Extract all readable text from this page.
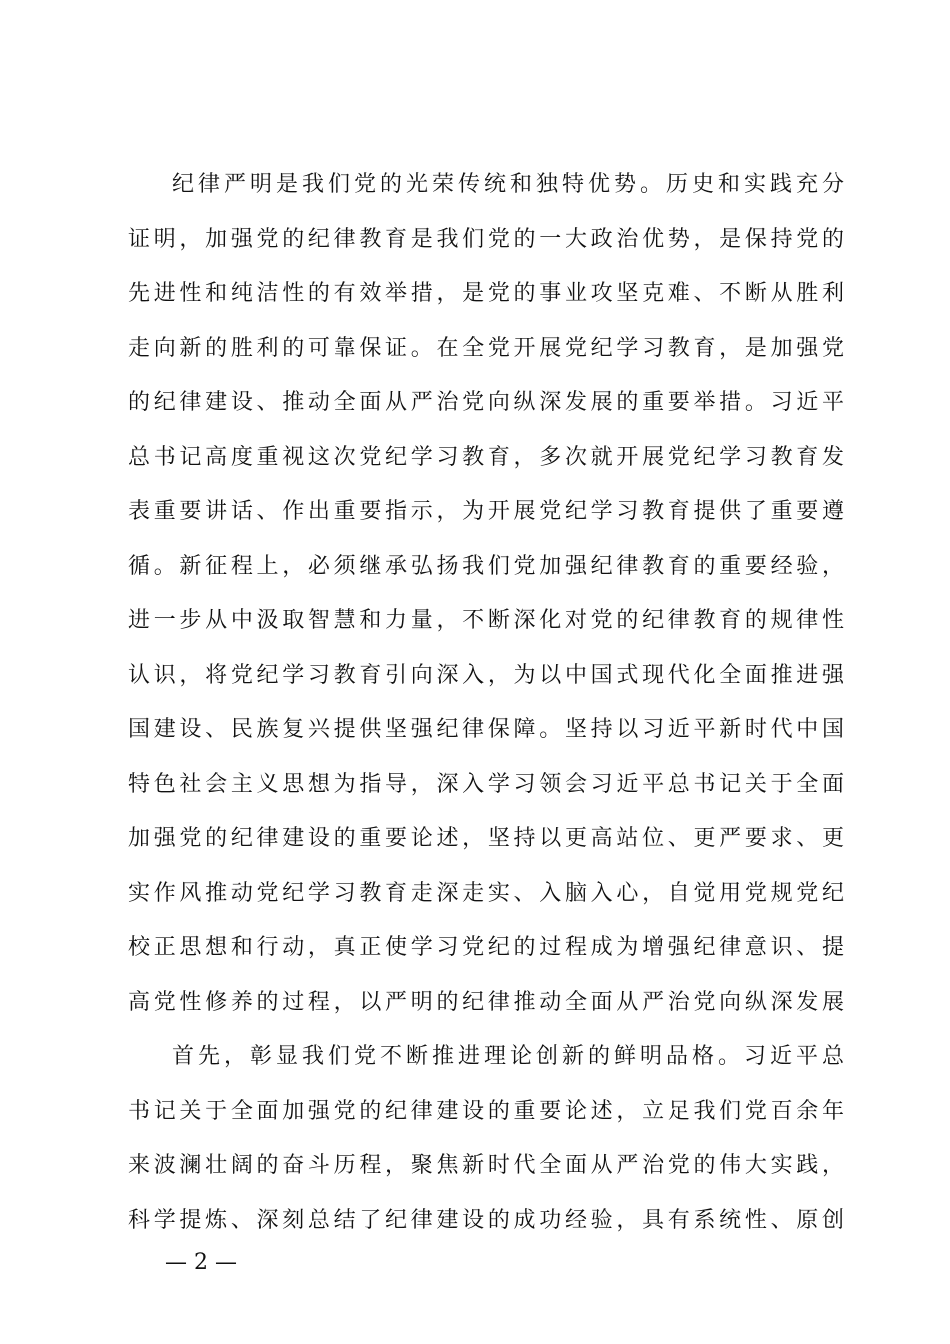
纪律严明是我们党的光荣传统和独特优势。历史和实践充分
证明，加强党的纪律教育是我们党的一大政治优势，是保持党的
先进性和纯洁性的有效举措，是党的事业攻坚克难、不断从胜利
走向新的胜利的可靠保证。在全党开展党纪学习教育，是加强党
的纪律建设、推动全面从严治党向纵深发展的重要举措。习近平
总书记高度重视这次党纪学习教育，多次就开展党纪学习教育发
表重要讲话、作出重要指示，为开展党纪学习教育提供了重要遵
循。新征程上，必须继承弘扬我们党加强纪律教育的重要经验，
进一步从中汲取智慧和力量，不断深化对党的纪律教育的规律性
认识，将党纪学习教育引向深入，为以中国式现代化全面推进强
国建设、民族复兴提供坚强纪律保障。坚持以习近平新时代中国
特色社会主义思想为指导，深入学习领会习近平总书记关于全面
加强党的纪律建设的重要论述，坚持以更高站位、更严要求、更
实作风推动党纪学习教育走深走实、入脑入心，自觉用党规党纪
校正思想和行动，真正使学习党纪的过程成为增强纪律意识、提
高党性修养的过程，以严明的纪律推动全面从严治党向纵深发展
首先，彰显我们党不断推进理论创新的鲜明品格。习近平总
书记关于全面加强党的纪律建设的重要论述，立足我们党百余年
来波澜壮阔的奋斗历程，聚焦新时代全面从严治党的伟大实践，
科学提炼、深刻总结了纪律建设的成功经验，具有系统性、原创
— 2 —
